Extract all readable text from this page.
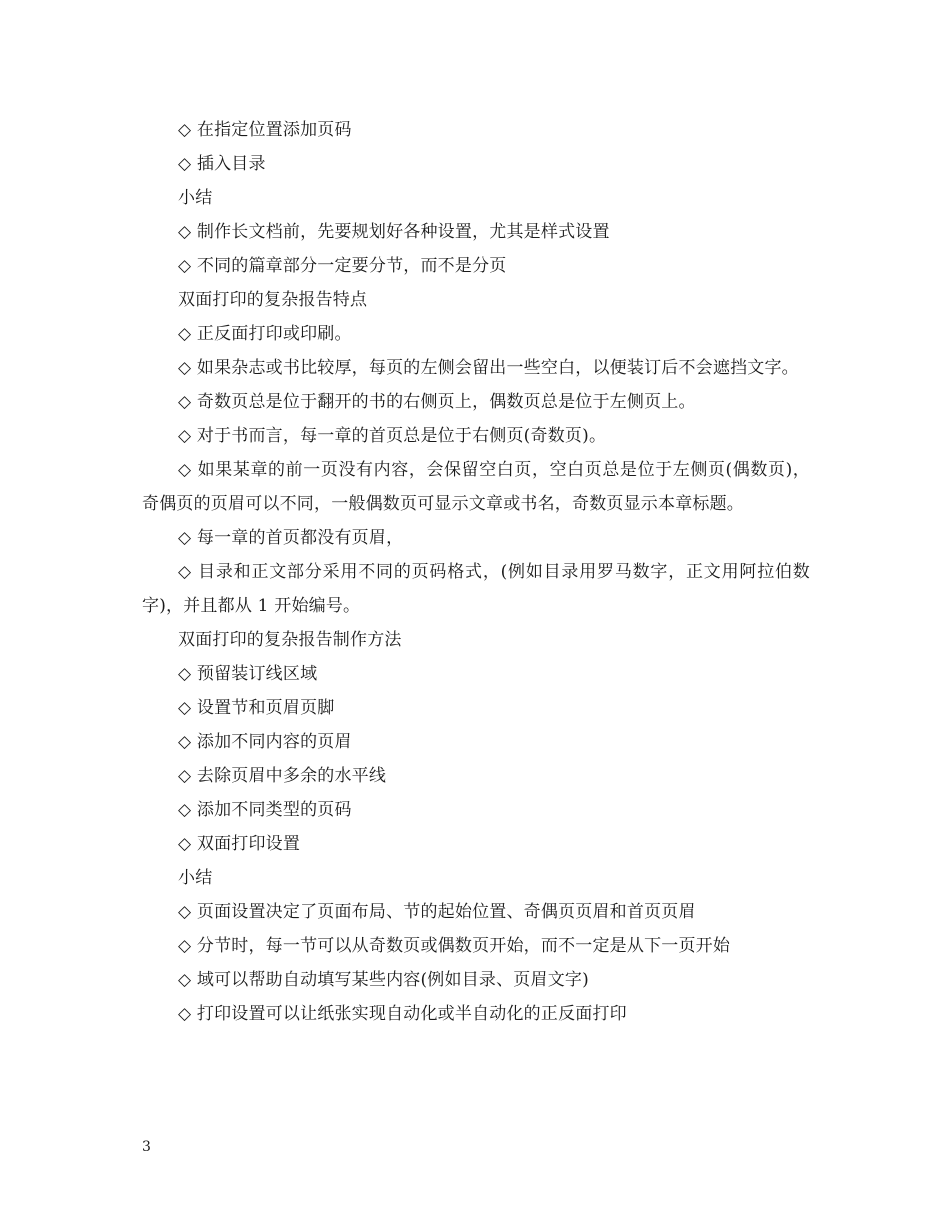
◇ 在指定位置添加页码

◇ 插入目录

小结

◇ 制作长文档前，先要规划好各种设置，尤其是样式设置

◇ 不同的篇章部分一定要分节，而不是分页

双面打印的复杂报告特点

◇ 正反面打印或印刷。

◇ 如果杂志或书比较厚，每页的左侧会留出一些空白，以便装订后不会遮挡文字。

◇ 奇数页总是位于翻开的书的右侧页上，偶数页总是位于左侧页上。

◇ 对于书而言，每一章的首页总是位于右侧页(奇数页)。

◇ 如果某章的前一页没有内容，会保留空白页，空白页总是位于左侧页(偶数页)，奇偶页的页眉可以不同，一般偶数页可显示文章或书名，奇数页显示本章标题。

◇ 每一章的首页都没有页眉，

◇ 目录和正文部分采用不同的页码格式，(例如目录用罗马数字，正文用阿拉伯数字)，并且都从 1 开始编号。

双面打印的复杂报告制作方法

◇ 预留装订线区域

◇ 设置节和页眉页脚

◇ 添加不同内容的页眉

◇ 去除页眉中多余的水平线

◇ 添加不同类型的页码

◇ 双面打印设置

小结

◇ 页面设置决定了页面布局、节的起始位置、奇偶页页眉和首页页眉

◇ 分节时，每一节可以从奇数页或偶数页开始，而不一定是从下一页开始

◇ 域可以帮助自动填写某些内容(例如目录、页眉文字)

◇ 打印设置可以让纸张实现自动化或半自动化的正反面打印

3
